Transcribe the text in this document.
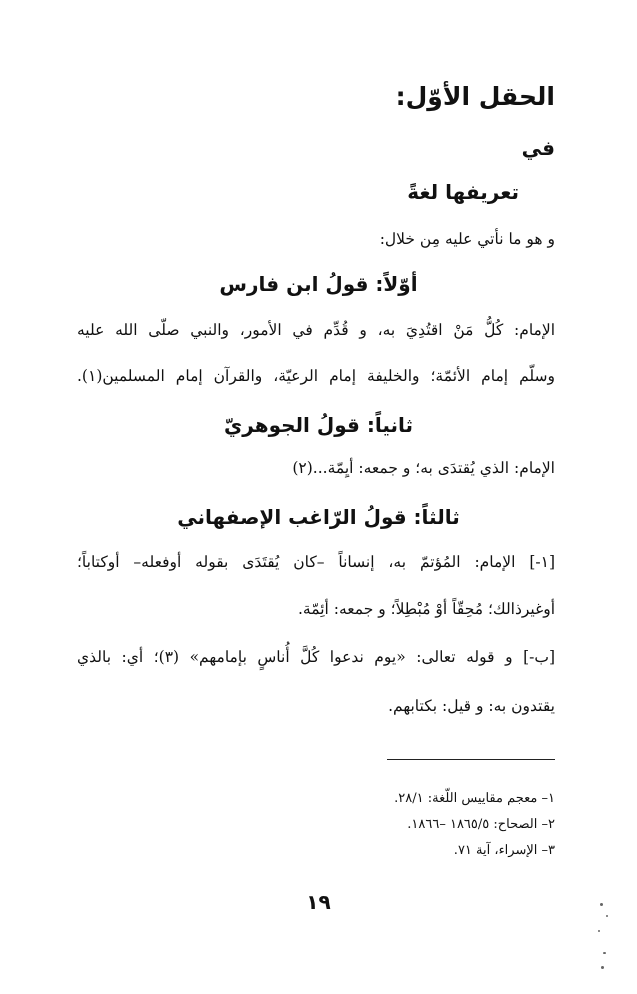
الحقل الأوّل:
في
تعريفها لغةً
و هو ما نأتي عليه مِن خلال:
أوّلاً: قولُ ابن فارس
الإمام: كُلُّ مَنْ اقتُدِيَ به، و قُدِّم في الأمور، والنبي صلّى الله عليه
وسلّم إمام الأئمّة؛ والخليفة إمام الرعيّة، والقرآن إمام المسلمين(١).
ثانياً: قولُ الجوهريّ
الإمام: الذي يُقتدَى به؛ و جمعه: أيِمّة...(٢)
ثالثاً: قولُ الرّاغب الإصفهاني
[١-] الإمام: المُؤتمّ به، إنساناً –كان يُقتَدَى بقوله أوفعله– أوكتاباً؛
أوغيرذالك؛ مُحِقّاً أوْ مُبْطِلاً؛ و جمعه: أئِمّة.
[ب-] و قوله تعالى: «يوم ندعوا كُلَّ أُناسٍ بإمامهم» (٣)؛ أي: بالذي
يقتدون به: و قيل: بكتابهم.
١– معجم مقاييس اللّغة: ٢٨/١.
٢– الصحاح: ١٨٦٥/٥ –١٨٦٦.
٣– الإسراء، آية ٧١.
١٩
